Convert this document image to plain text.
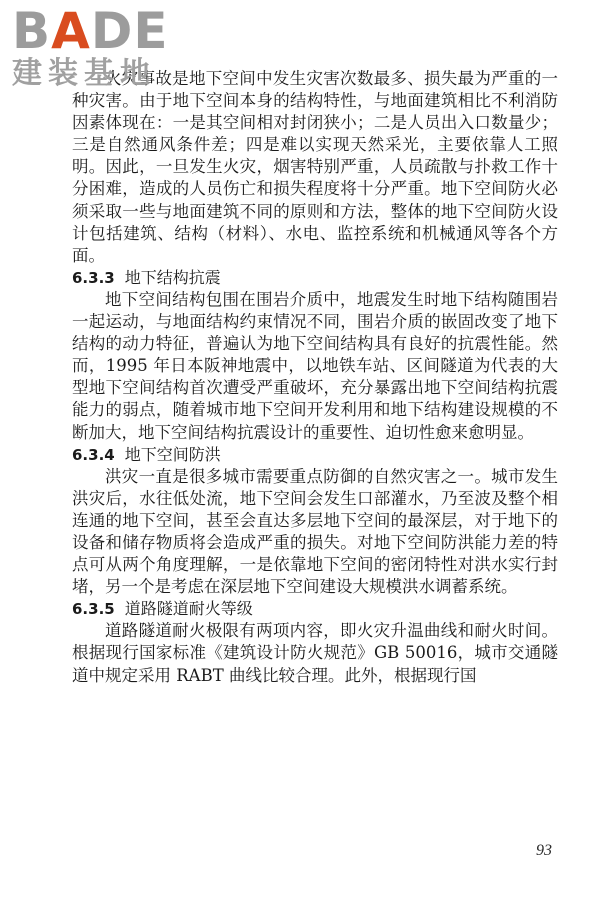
BADE
建装基地

火灾事故是地下空间中发生灾害次数最多、损失最为严重的一种灾害。由于地下空间本身的结构特性，与地面建筑相比不利消防因素体现在：一是其空间相对封闭狭小；二是人员出入口数量少；三是自然通风条件差；四是难以实现天然采光，主要依靠人工照明。因此，一旦发生火灾，烟害特别严重，人员疏散与扑救工作十分困难，造成的人员伤亡和损失程度将十分严重。地下空间防火必须采取一些与地面建筑不同的原则和方法，整体的地下空间防火设计包括建筑、结构（材料）、水电、监控系统和机械通风等各个方面。

6.3.3 地下结构抗震

地下空间结构包围在围岩介质中，地震发生时地下结构随围岩一起运动，与地面结构约束情况不同，围岩介质的嵌固改变了地下结构的动力特征，普遍认为地下空间结构具有良好的抗震性能。然而，1995 年日本阪神地震中，以地铁车站、区间隧道为代表的大型地下空间结构首次遭受严重破坏，充分暴露出地下空间结构抗震能力的弱点，随着城市地下空间开发利用和地下结构建设规模的不断加大，地下空间结构抗震设计的重要性、迫切性愈来愈明显。

6.3.4 地下空间防洪

洪灾一直是很多城市需要重点防御的自然灾害之一。城市发生洪灾后，水往低处流，地下空间会发生口部灌水，乃至波及整个相连通的地下空间，甚至会直达多层地下空间的最深层，对于地下的设备和储存物质将会造成严重的损失。对地下空间防洪能力差的特点可从两个角度理解，一是依靠地下空间的密闭特性对洪水实行封堵，另一个是考虑在深层地下空间建设大规模洪水调蓄系统。

6.3.5 道路隧道耐火等级

道路隧道耐火极限有两项内容，即火灾升温曲线和耐火时间。根据现行国家标准《建筑设计防火规范》GB 50016，城市交通隧道中规定采用 RABT 曲线比较合理。此外，根据现行国

93
